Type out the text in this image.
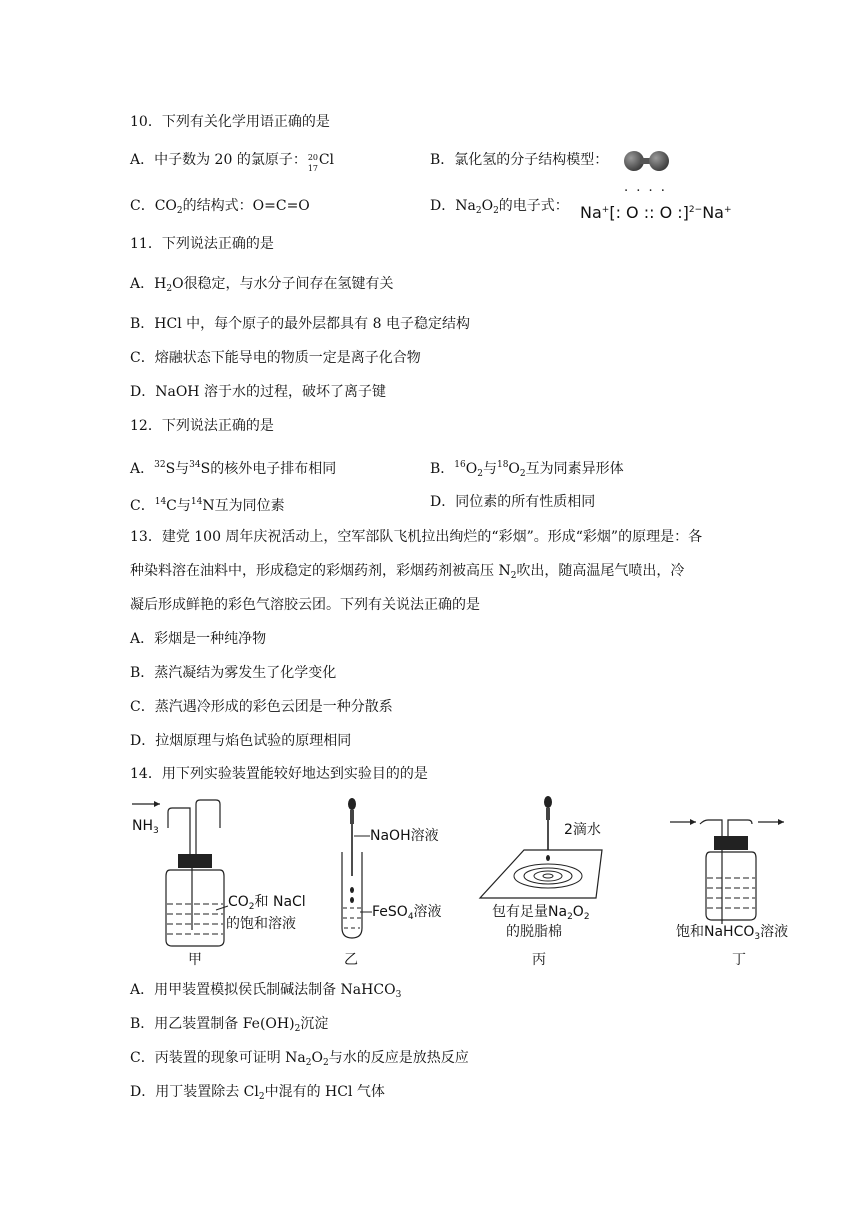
10．下列有关化学用语正确的是
A．中子数为 20 的氯原子： 20
17
Cl	B．氯化氢的分子结构模型：
C．$CO_2$的结构式：O=C=O	D．$Na_2O_2$的电子式：
. . . .
Na+[: O :: O :]$^{2-}$Na+
11．下列说法正确的是
A．$H_2O$很稳定，与水分子间存在氢键有关
B．HCl 中，每个原子的最外层都具有 8 电子稳定结构
C．熔融状态下能导电的物质一定是离子化合物
D．NaOH 溶于水的过程，破坏了离子键
12．下列说法正确的是
A．$^{32}$S与$^{34}$S的核外电子排布相同	B．$^{16}O_2$与$^{18}O_2$互为同素异形体
C．$^{14}$C与$^{14}$N互为同位素	D．同位素的所有性质相同
13．建党 100 周年庆祝活动上，空军部队飞机拉出绚烂的“彩烟”。形成“彩烟”的原理是：各
种染料溶在油料中，形成稳定的彩烟药剂，彩烟药剂被高压 $N_2$吹出，随高温尾气喷出，冷
凝后形成鲜艳的彩色气溶胶云团。下列有关说法正确的是
A．彩烟是一种纯净物
B．蒸汽凝结为雾发生了化学变化
C．蒸汽遇冷形成的彩色云团是一种分散系
D．拉烟原理与焰色试验的原理相同
14．用下列实验装置能较好地达到实验目的的是
$NH_3$
$CO_2$和 NaCl
的饱和溶液
甲
NaOH溶液
FeSO$_4$溶液
乙
2滴水
包有足量$Na_2O_2$
的脱脂棉
丙
饱和NaHCO$_3$溶液
丁
A．用甲装置模拟侯氏制碱法制备 NaHCO$_3$
B．用乙装置制备 $Fe(OH)_2$沉淀
C．丙装置的现象可证明 $Na_2O_2$与水的反应是放热反应
D．用丁装置除去 $Cl_2$中混有的 HCl 气体
